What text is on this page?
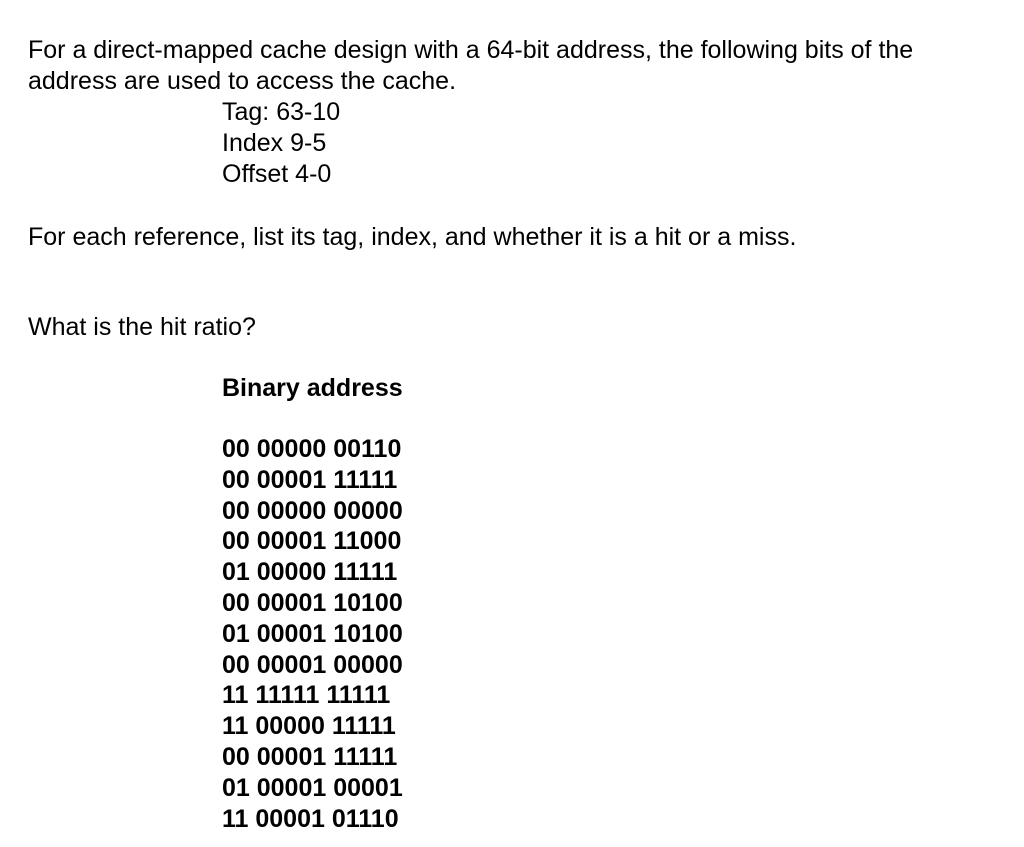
For a direct-mapped cache design with a 64-bit address, the following bits of the address are used to access the cache.

Tag: 63-10
Index 9-5
Offset 4-0

For each reference, list its tag, index, and whether it is a hit or a miss.

What is the hit ratio?

Binary address

00 00000 00110
00 00001 11111
00 00000 00000
00 00001 11000
01 00000 11111
00 00001 10100
01 00001 10100
00 00001 00000
11 11111 11111
11 00000 11111
00 00001 11111
01 00001 00001
11 00001 01110
